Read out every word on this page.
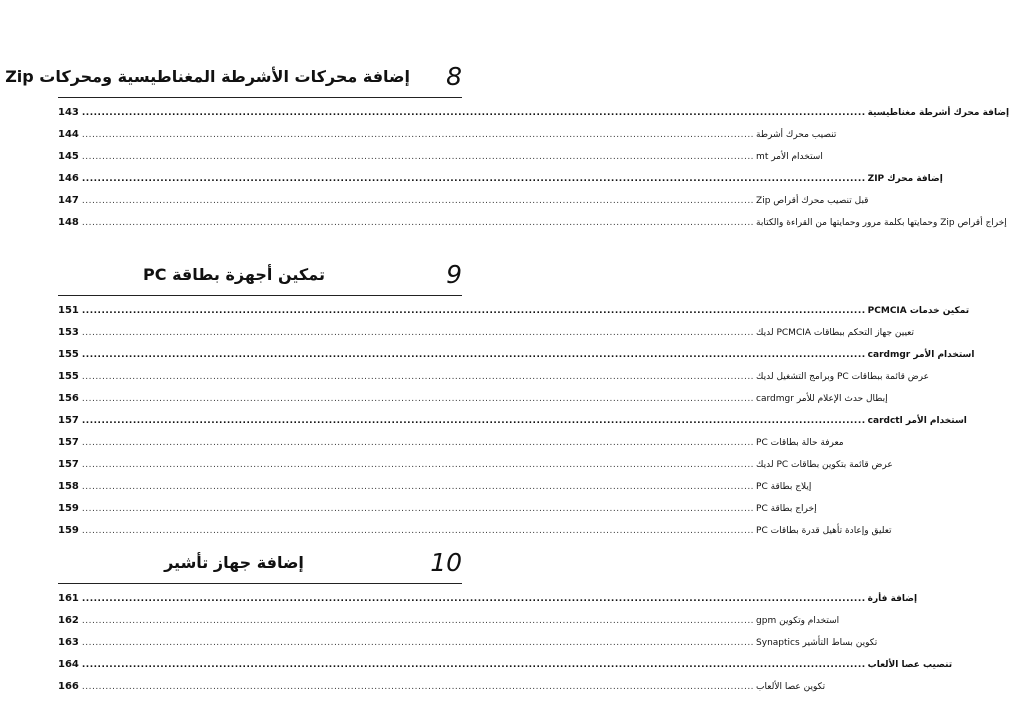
8
إضافة محركات الأشرطة المغناطيسية ومحركات Zip
143 ........................................................................................................................................................................................................ إضافة محرك أشرطة مغناطيسية
144 ........................................................................................................................................................................................................ تنصيب محرك أشرطة
145 ........................................................................................................................................................................................................ استخدام الأمر mt
146 ........................................................................................................................................................................................................ إضافة محرك ZIP
147 ........................................................................................................................................................................................................ قبل تنصيب محرك أقراص Zip
148 ........................................................................................................................................................................................................ إخراج أقراص Zip وحمايتها بكلمة مرور وحمايتها من القراءة والكتابة
9
تمكين أجهزة بطاقة PC
151 ........................................................................................................................................................................................................ تمكين خدمات PCMCIA
153 ........................................................................................................................................................................................................ تعيين جهاز التحكم ببطاقات PCMCIA لديك
155 ........................................................................................................................................................................................................ استخدام الأمر cardmgr
155 ........................................................................................................................................................................................................ عرض قائمة ببطاقات PC وبرامج التشغيل لديك
156 ........................................................................................................................................................................................................ إبطال حدث الإعلام للأمر cardmgr
157 ........................................................................................................................................................................................................ استخدام الأمر cardctl
157 ........................................................................................................................................................................................................ معرفة حالة بطاقات PC
157 ........................................................................................................................................................................................................ عرض قائمة بتكوين بطاقات PC لديك
158 ........................................................................................................................................................................................................ إيلاج بطاقة PC
159 ........................................................................................................................................................................................................ إخراج بطاقة PC
159 ........................................................................................................................................................................................................ تعليق وإعادة تأهيل قدرة بطاقات PC
10
إضافة جهاز تأشير
161 ........................................................................................................................................................................................................ إضافة فأرة
162 ........................................................................................................................................................................................................ استخدام وتكوين gpm
163 ........................................................................................................................................................................................................ تكوين بساط التأشير Synaptics
164 ........................................................................................................................................................................................................ تنصيب عصا الألعاب
166 ........................................................................................................................................................................................................ تكوين عصا الألعاب
